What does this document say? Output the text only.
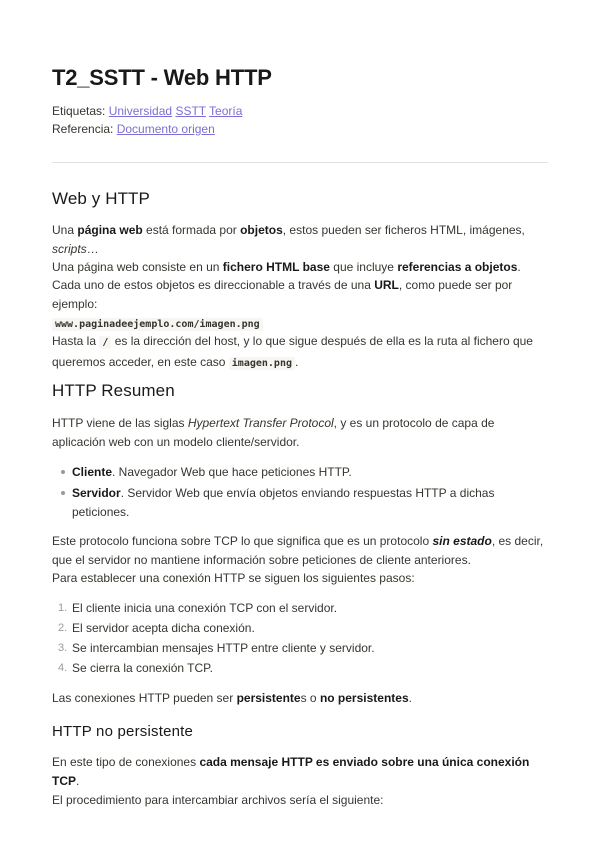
T2_SSTT - Web HTTP
Etiquetas: Universidad SSTT Teoría
Referencia: Documento origen
Web y HTTP
Una página web está formada por objetos, estos pueden ser ficheros HTML, imágenes, scripts…
Una página web consiste en un fichero HTML base que incluye referencias a objetos.
Cada uno de estos objetos es direccionable a través de una URL, como puede ser por ejemplo:
www.paginadeejemplo.com/imagen.png
Hasta la / es la dirección del host, y lo que sigue después de ella es la ruta al fichero que queremos acceder, en este caso imagen.png .
HTTP Resumen
HTTP viene de las siglas Hypertext Transfer Protocol, y es un protocolo de capa de aplicación web con un modelo cliente/servidor.
Cliente. Navegador Web que hace peticiones HTTP.
Servidor. Servidor Web que envía objetos enviando respuestas HTTP a dichas peticiones.
Este protocolo funciona sobre TCP lo que significa que es un protocolo sin estado, es decir, que el servidor no mantiene información sobre peticiones de cliente anteriores.
Para establecer una conexión HTTP se siguen los siguientes pasos:
1. El cliente inicia una conexión TCP con el servidor.
2. El servidor acepta dicha conexión.
3. Se intercambian mensajes HTTP entre cliente y servidor.
4. Se cierra la conexión TCP.
Las conexiones HTTP pueden ser persistentes o no persistentes.
HTTP no persistente
En este tipo de conexiones cada mensaje HTTP es enviado sobre una única conexión TCP.
El procedimiento para intercambiar archivos sería el siguiente:
